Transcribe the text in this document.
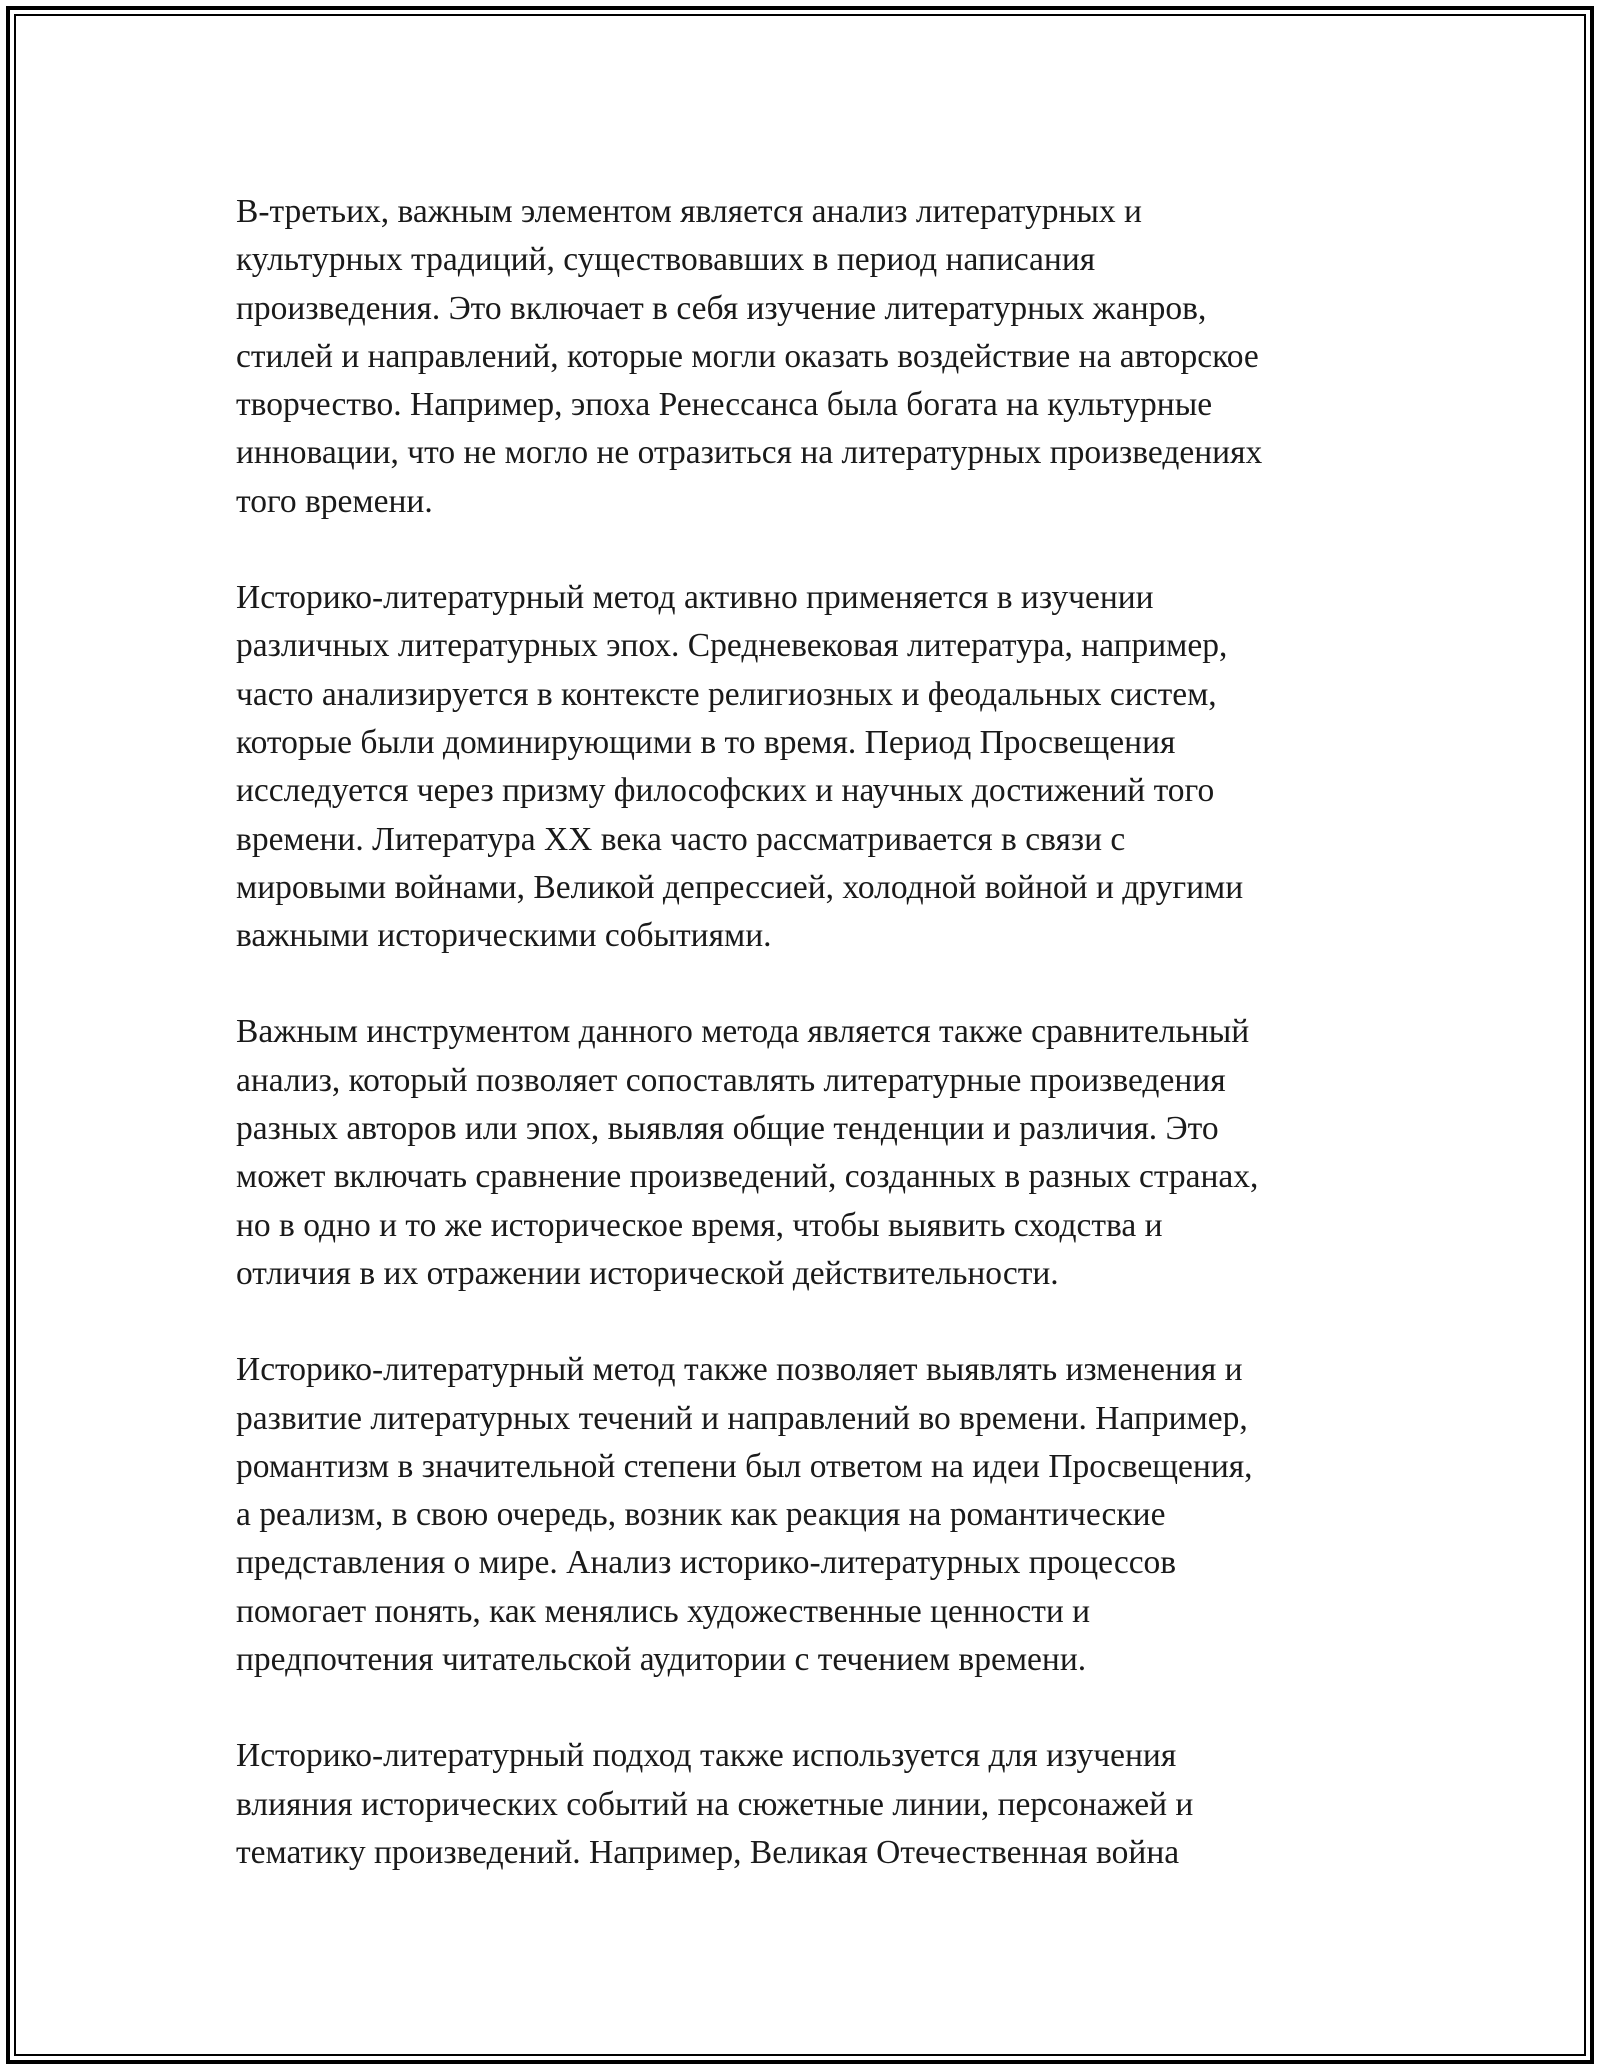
В-третьих, важным элементом является анализ литературных и
культурных традиций, существовавших в период написания
произведения. Это включает в себя изучение литературных жанров,
стилей и направлений, которые могли оказать воздействие на авторское
творчество. Например, эпоха Ренессанса была богата на культурные
инновации, что не могло не отразиться на литературных произведениях
того времени.

Историко-литературный метод активно применяется в изучении
различных литературных эпох. Средневековая литература, например,
часто анализируется в контексте религиозных и феодальных систем,
которые были доминирующими в то время. Период Просвещения
исследуется через призму философских и научных достижений того
времени. Литература XX века часто рассматривается в связи с
мировыми войнами, Великой депрессией, холодной войной и другими
важными историческими событиями.

Важным инструментом данного метода является также сравнительный
анализ, который позволяет сопоставлять литературные произведения
разных авторов или эпох, выявляя общие тенденции и различия. Это
может включать сравнение произведений, созданных в разных странах,
но в одно и то же историческое время, чтобы выявить сходства и
отличия в их отражении исторической действительности.

Историко-литературный метод также позволяет выявлять изменения и
развитие литературных течений и направлений во времени. Например,
романтизм в значительной степени был ответом на идеи Просвещения,
а реализм, в свою очередь, возник как реакция на романтические
представления о мире. Анализ историко-литературных процессов
помогает понять, как менялись художественные ценности и
предпочтения читательской аудитории с течением времени.

Историко-литературный подход также используется для изучения
влияния исторических событий на сюжетные линии, персонажей и
тематику произведений. Например, Великая Отечественная война
